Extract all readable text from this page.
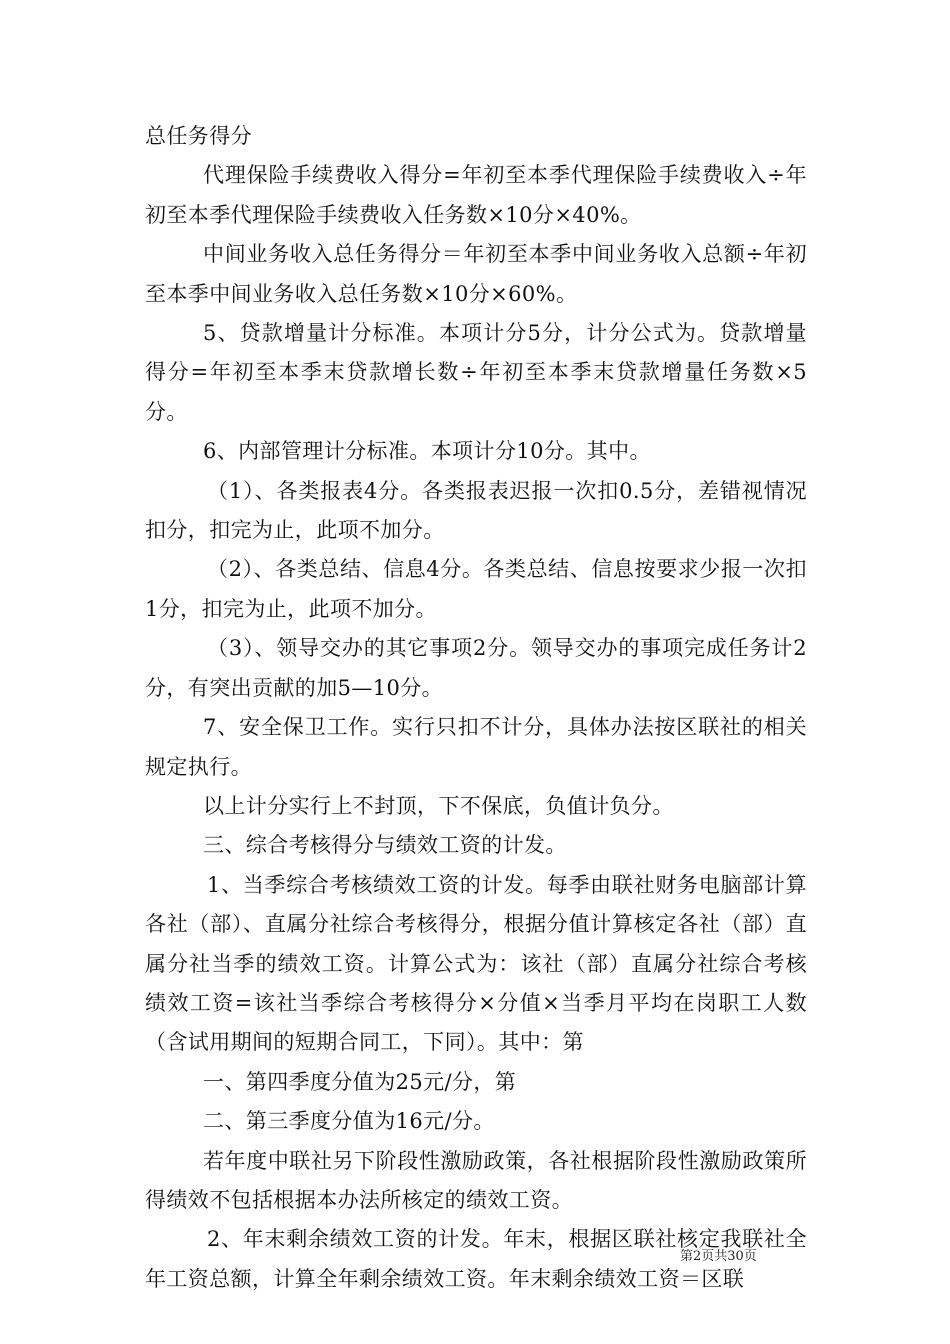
总任务得分

代理保险手续费收入得分=年初至本季代理保险手续费收入÷年初至本季代理保险手续费收入任务数×10分×40%。

中间业务收入总任务得分＝年初至本季中间业务收入总额÷年初至本季中间业务收入总任务数×10分×60%。

5、贷款增量计分标准。本项计分5分，计分公式为。贷款增量得分=年初至本季末贷款增长数÷年初至本季末贷款增量任务数×5分。

6、内部管理计分标准。本项计分10分。其中。

（1）、各类报表4分。各类报表迟报一次扣0.5分，差错视情况扣分，扣完为止，此项不加分。

（2）、各类总结、信息4分。各类总结、信息按要求少报一次扣1分，扣完为止，此项不加分。

（3）、领导交办的其它事项2分。领导交办的事项完成任务计2分，有突出贡献的加5—10分。

7、安全保卫工作。实行只扣不计分，具体办法按区联社的相关规定执行。

以上计分实行上不封顶，下不保底，负值计负分。

三、综合考核得分与绩效工资的计发。

1、当季综合考核绩效工资的计发。每季由联社财务电脑部计算各社（部）、直属分社综合考核得分，根据分值计算核定各社（部）直属分社当季的绩效工资。计算公式为：该社（部）直属分社综合考核绩效工资=该社当季综合考核得分×分值×当季月平均在岗职工人数（含试用期间的短期合同工，下同）。其中：第

一、第四季度分值为25元/分，第

二、第三季度分值为16元/分。

若年度中联社另下阶段性激励政策，各社根据阶段性激励政策所得绩效不包括根据本办法所核定的绩效工资。

2、年末剩余绩效工资的计发。年末，根据区联社核定我联社全年工资总额，计算全年剩余绩效工资。年末剩余绩效工资＝区联

第2页共30页
